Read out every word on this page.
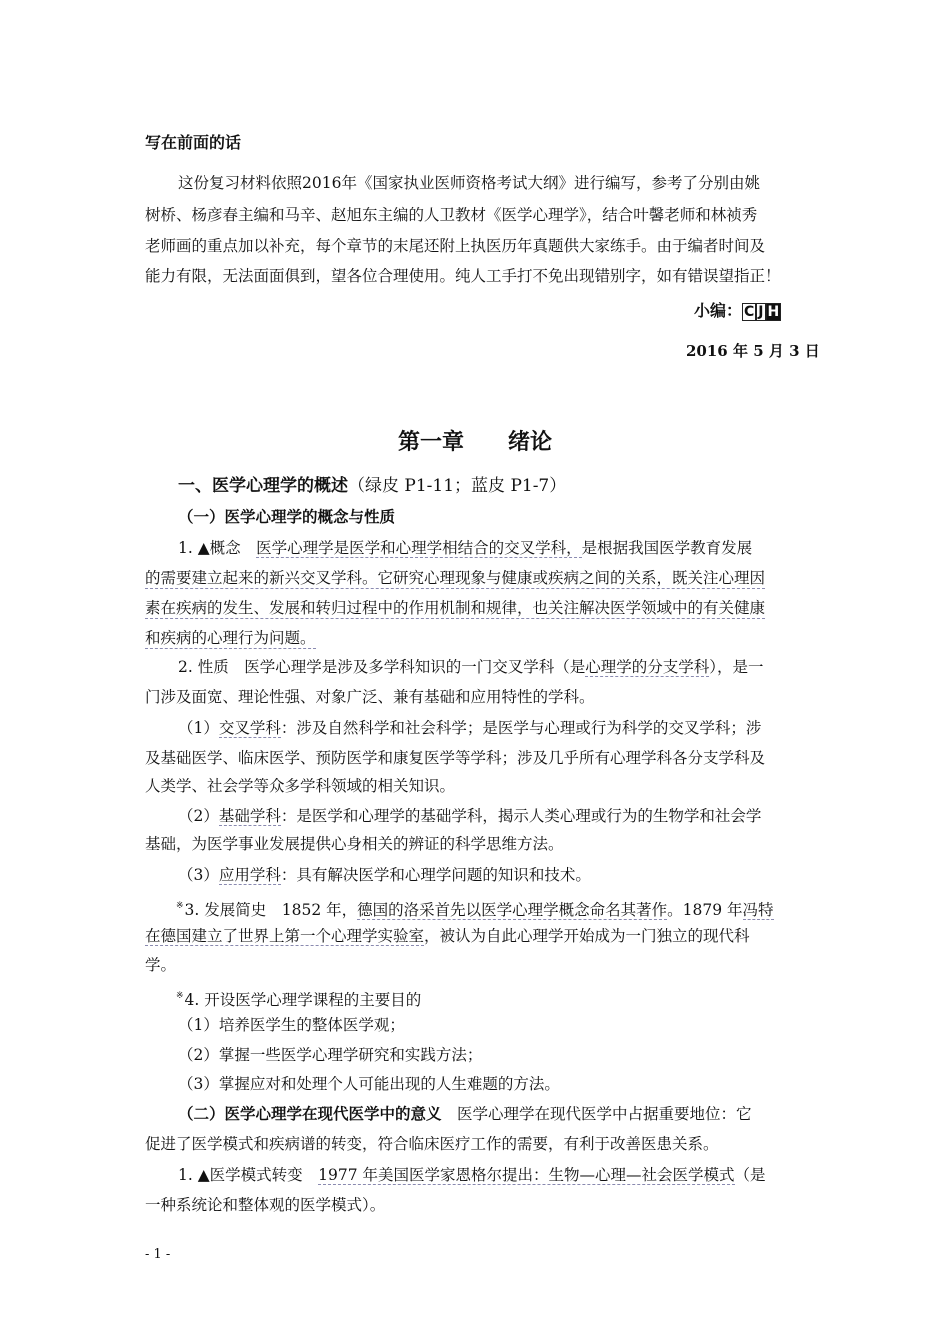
写在前面的话
这份复习材料依照2016年《国家执业医师资格考试大纲》进行编写，参考了分别由姚
树桥、杨彦春主编和马辛、赵旭东主编的人卫教材《医学心理学》，结合叶馨老师和林祯秀
老师画的重点加以补充，每个章节的末尾还附上执医历年真题供大家练手。由于编者时间及
能力有限，无法面面俱到，望各位合理使用。纯人工手打不免出现错别字，如有错误望指正！
小编： C J H
2016 年 5 月 3 日
第一章　　绪论
一、医学心理学的概述（绿皮 P1-11；蓝皮 P1-7）
（一）医学心理学的概念与性质
1. ▲概念　医学心理学是医学和心理学相结合的交叉学科，是根据我国医学教育发展
的需要建立起来的新兴交叉学科。它研究心理现象与健康或疾病之间的关系，既关注心理因
素在疾病的发生、发展和转归过程中的作用机制和规律，也关注解决医学领域中的有关健康
和疾病的心理行为问题。
2. 性质　医学心理学是涉及多学科知识的一门交叉学科（是心理学的分支学科），是一
门涉及面宽、理论性强、对象广泛、兼有基础和应用特性的学科。
（1）交叉学科：涉及自然科学和社会科学；是医学与心理或行为科学的交叉学科；涉
及基础医学、临床医学、预防医学和康复医学等学科；涉及几乎所有心理学科各分支学科及
人类学、社会学等众多学科领域的相关知识。
（2）基础学科：是医学和心理学的基础学科，揭示人类心理或行为的生物学和社会学
基础，为医学事业发展提供心身相关的辨证的科学思维方法。
（3）应用学科：具有解决医学和心理学问题的知识和技术。
※3. 发展简史　1852 年，德国的洛采首先以医学心理学概念命名其著作。1879 年冯特
在德国建立了世界上第一个心理学实验室，被认为自此心理学开始成为一门独立的现代科
学。
※4. 开设医学心理学课程的主要目的
（1）培养医学生的整体医学观；
（2）掌握一些医学心理学研究和实践方法；
（3）掌握应对和处理个人可能出现的人生难题的方法。
（二）医学心理学在现代医学中的意义　医学心理学在现代医学中占据重要地位：它
促进了医学模式和疾病谱的转变，符合临床医疗工作的需要，有利于改善医患关系。
1. ▲医学模式转变　1977 年美国医学家恩格尔提出：生物—心理—社会医学模式（是
一种系统论和整体观的医学模式）。
- 1 -
